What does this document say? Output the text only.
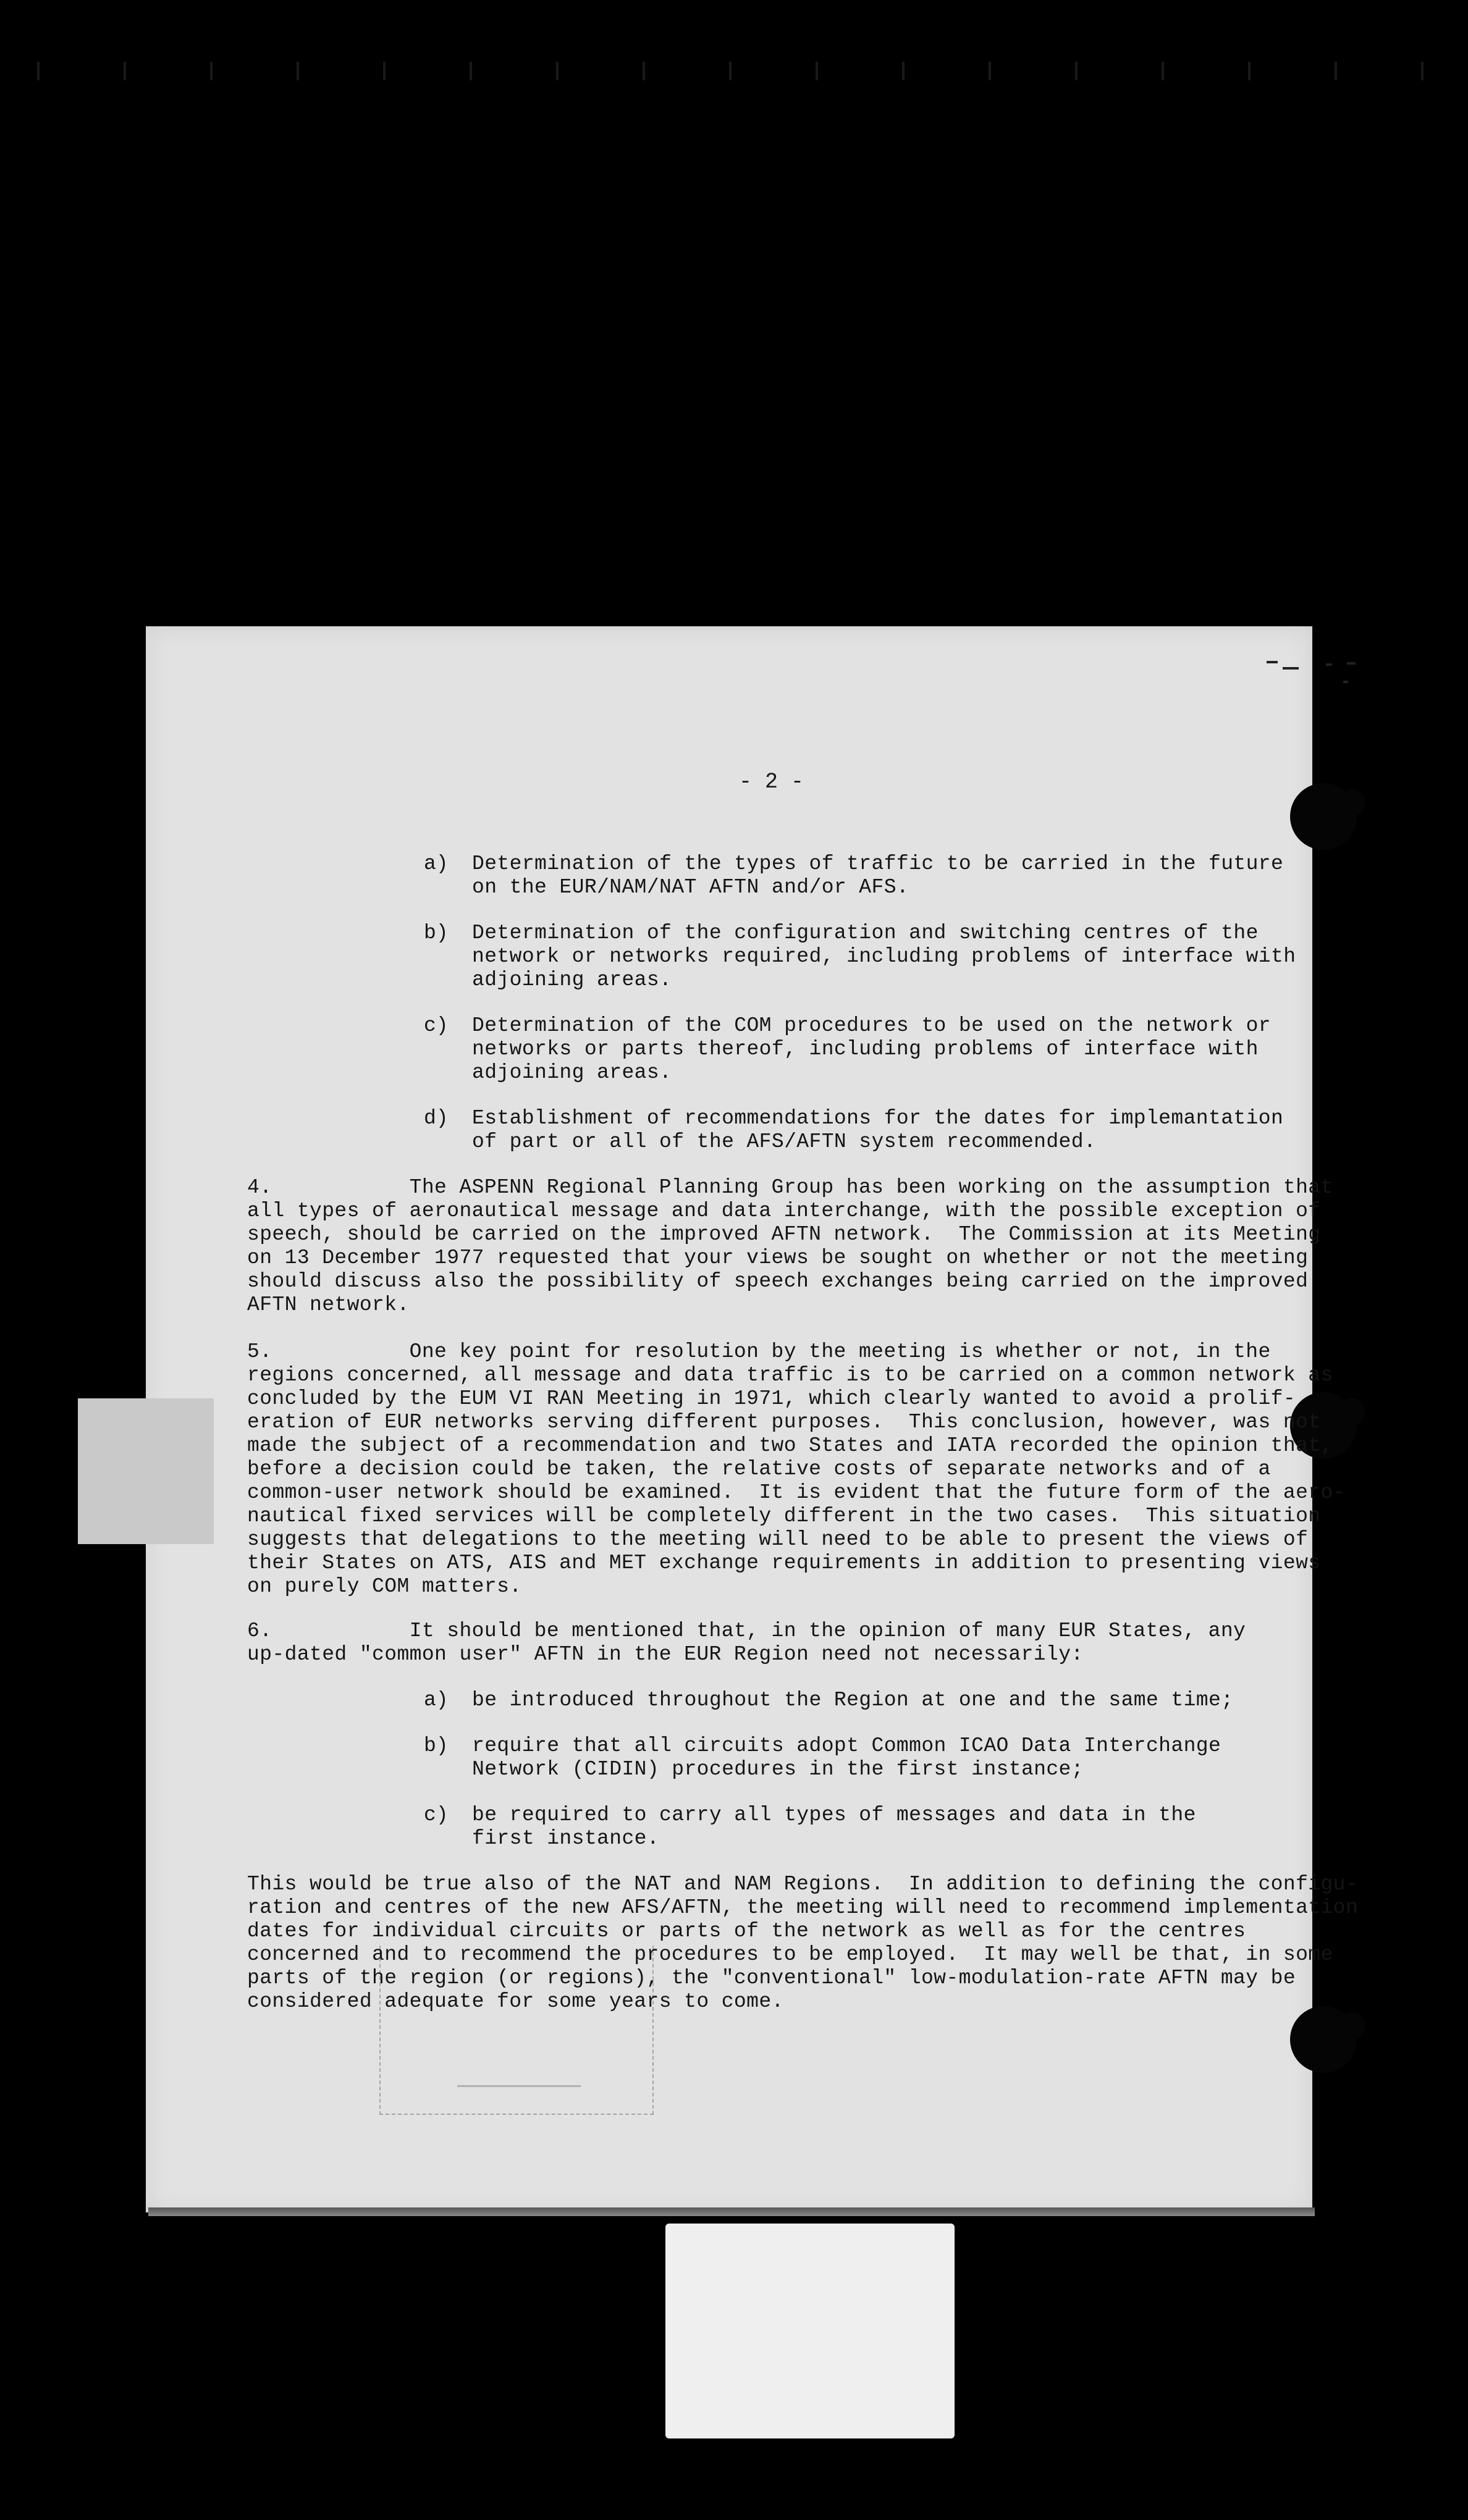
- 2 -
a) Determination of the types of traffic to be carried in the future
on the EUR/NAM/NAT AFTN and/or AFS.
b) Determination of the configuration and switching centres of the
network or networks required, including problems of interface with
adjoining areas.
c) Determination of the COM procedures to be used on the network or
networks or parts thereof, including problems of interface with
adjoining areas.
d) Establishment of recommendations for the dates for implemantation
of part or all of the AFS/AFTN system recommended.
4.           The ASPENN Regional Planning Group has been working on the assumption that
all types of aeronautical message and data interchange, with the possible exception of
speech, should be carried on the improved AFTN network.  The Commission at its Meeting
on 13 December 1977 requested that your views be sought on whether or not the meeting
should discuss also the possibility of speech exchanges being carried on the improved
AFTN network.
5.           One key point for resolution by the meeting is whether or not, in the
regions concerned, all message and data traffic is to be carried on a common network as
concluded by the EUM VI RAN Meeting in 1971, which clearly wanted to avoid a prolif-
eration of EUR networks serving different purposes.  This conclusion, however, was not
made the subject of a recommendation and two States and IATA recorded the opinion that,
before a decision could be taken, the relative costs of separate networks and of a
common-user network should be examined.  It is evident that the future form of the aero-
nautical fixed services will be completely different in the two cases.  This situation
suggests that delegations to the meeting will need to be able to present the views of
their States on ATS, AIS and MET exchange requirements in addition to presenting views
on purely COM matters.
6.           It should be mentioned that, in the opinion of many EUR States, any
up-dated "common user" AFTN in the EUR Region need not necessarily:
a) be introduced throughout the Region at one and the same time;
b) require that all circuits adopt Common ICAO Data Interchange
Network (CIDIN) procedures in the first instance;
c) be required to carry all types of messages and data in the
first instance.
This would be true also of the NAT and NAM Regions.  In addition to defining the configu-
ration and centres of the new AFS/AFTN, the meeting will need to recommend implementation
dates for individual circuits or parts of the network as well as for the centres
concerned and to recommend the procedures to be employed.  It may well be that, in some
parts of the region (or regions), the "conventional" low-modulation-rate AFTN may be
considered adequate for some years to come.
